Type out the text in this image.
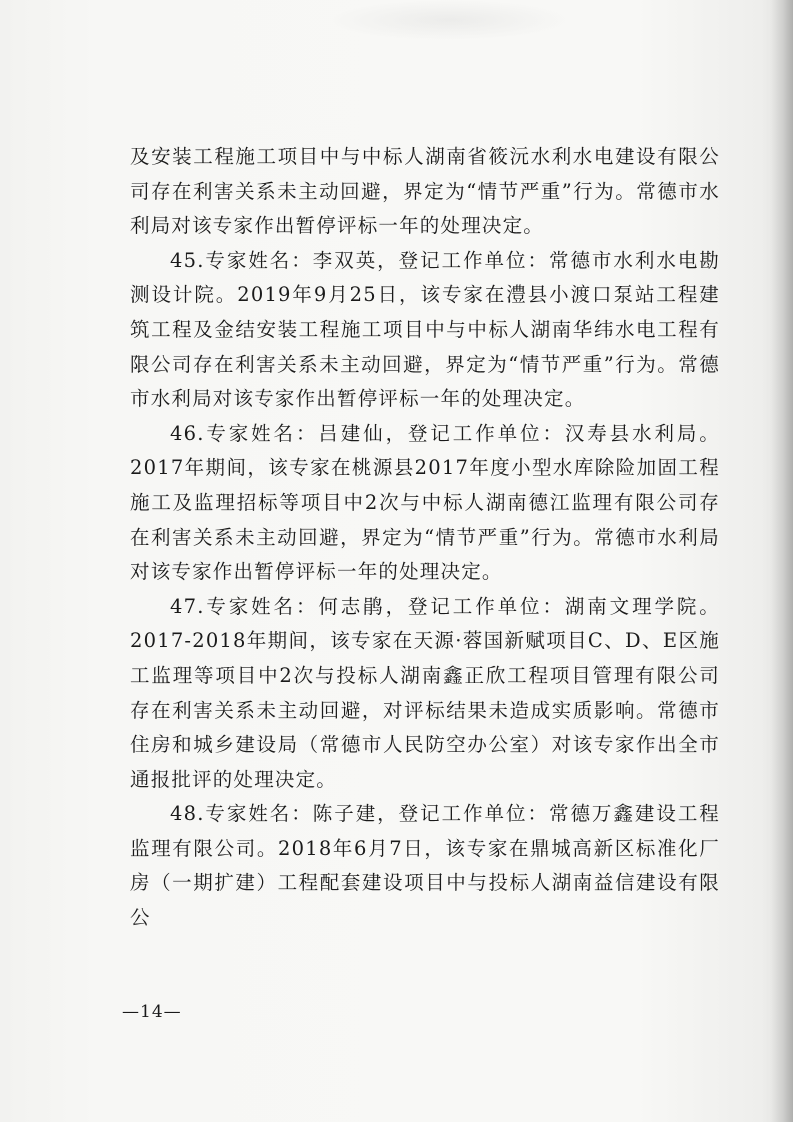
及安装工程施工项目中与中标人湖南省筱沅水利水电建设有限公司存在利害关系未主动回避，界定为“情节严重”行为。常德市水利局对该专家作出暂停评标一年的处理决定。

45.专家姓名：李双英，登记工作单位：常德市水利水电勘测设计院。2019年9月25日，该专家在澧县小渡口泵站工程建筑工程及金结安装工程施工项目中与中标人湖南华纬水电工程有限公司存在利害关系未主动回避，界定为“情节严重”行为。常德市水利局对该专家作出暂停评标一年的处理决定。

46.专家姓名：吕建仙，登记工作单位：汉寿县水利局。2017年期间，该专家在桃源县2017年度小型水库除险加固工程施工及监理招标等项目中2次与中标人湖南德江监理有限公司存在利害关系未主动回避，界定为“情节严重”行为。常德市水利局对该专家作出暂停评标一年的处理决定。

47.专家姓名：何志鹃，登记工作单位：湖南文理学院。2017-2018年期间，该专家在天源·蓉国新赋项目C、D、E区施工监理等项目中2次与投标人湖南鑫正欣工程项目管理有限公司存在利害关系未主动回避，对评标结果未造成实质影响。常德市住房和城乡建设局（常德市人民防空办公室）对该专家作出全市通报批评的处理决定。

48.专家姓名：陈子建，登记工作单位：常德万鑫建设工程监理有限公司。2018年6月7日，该专家在鼎城高新区标准化厂房（一期扩建）工程配套建设项目中与投标人湖南益信建设有限公

—14—
